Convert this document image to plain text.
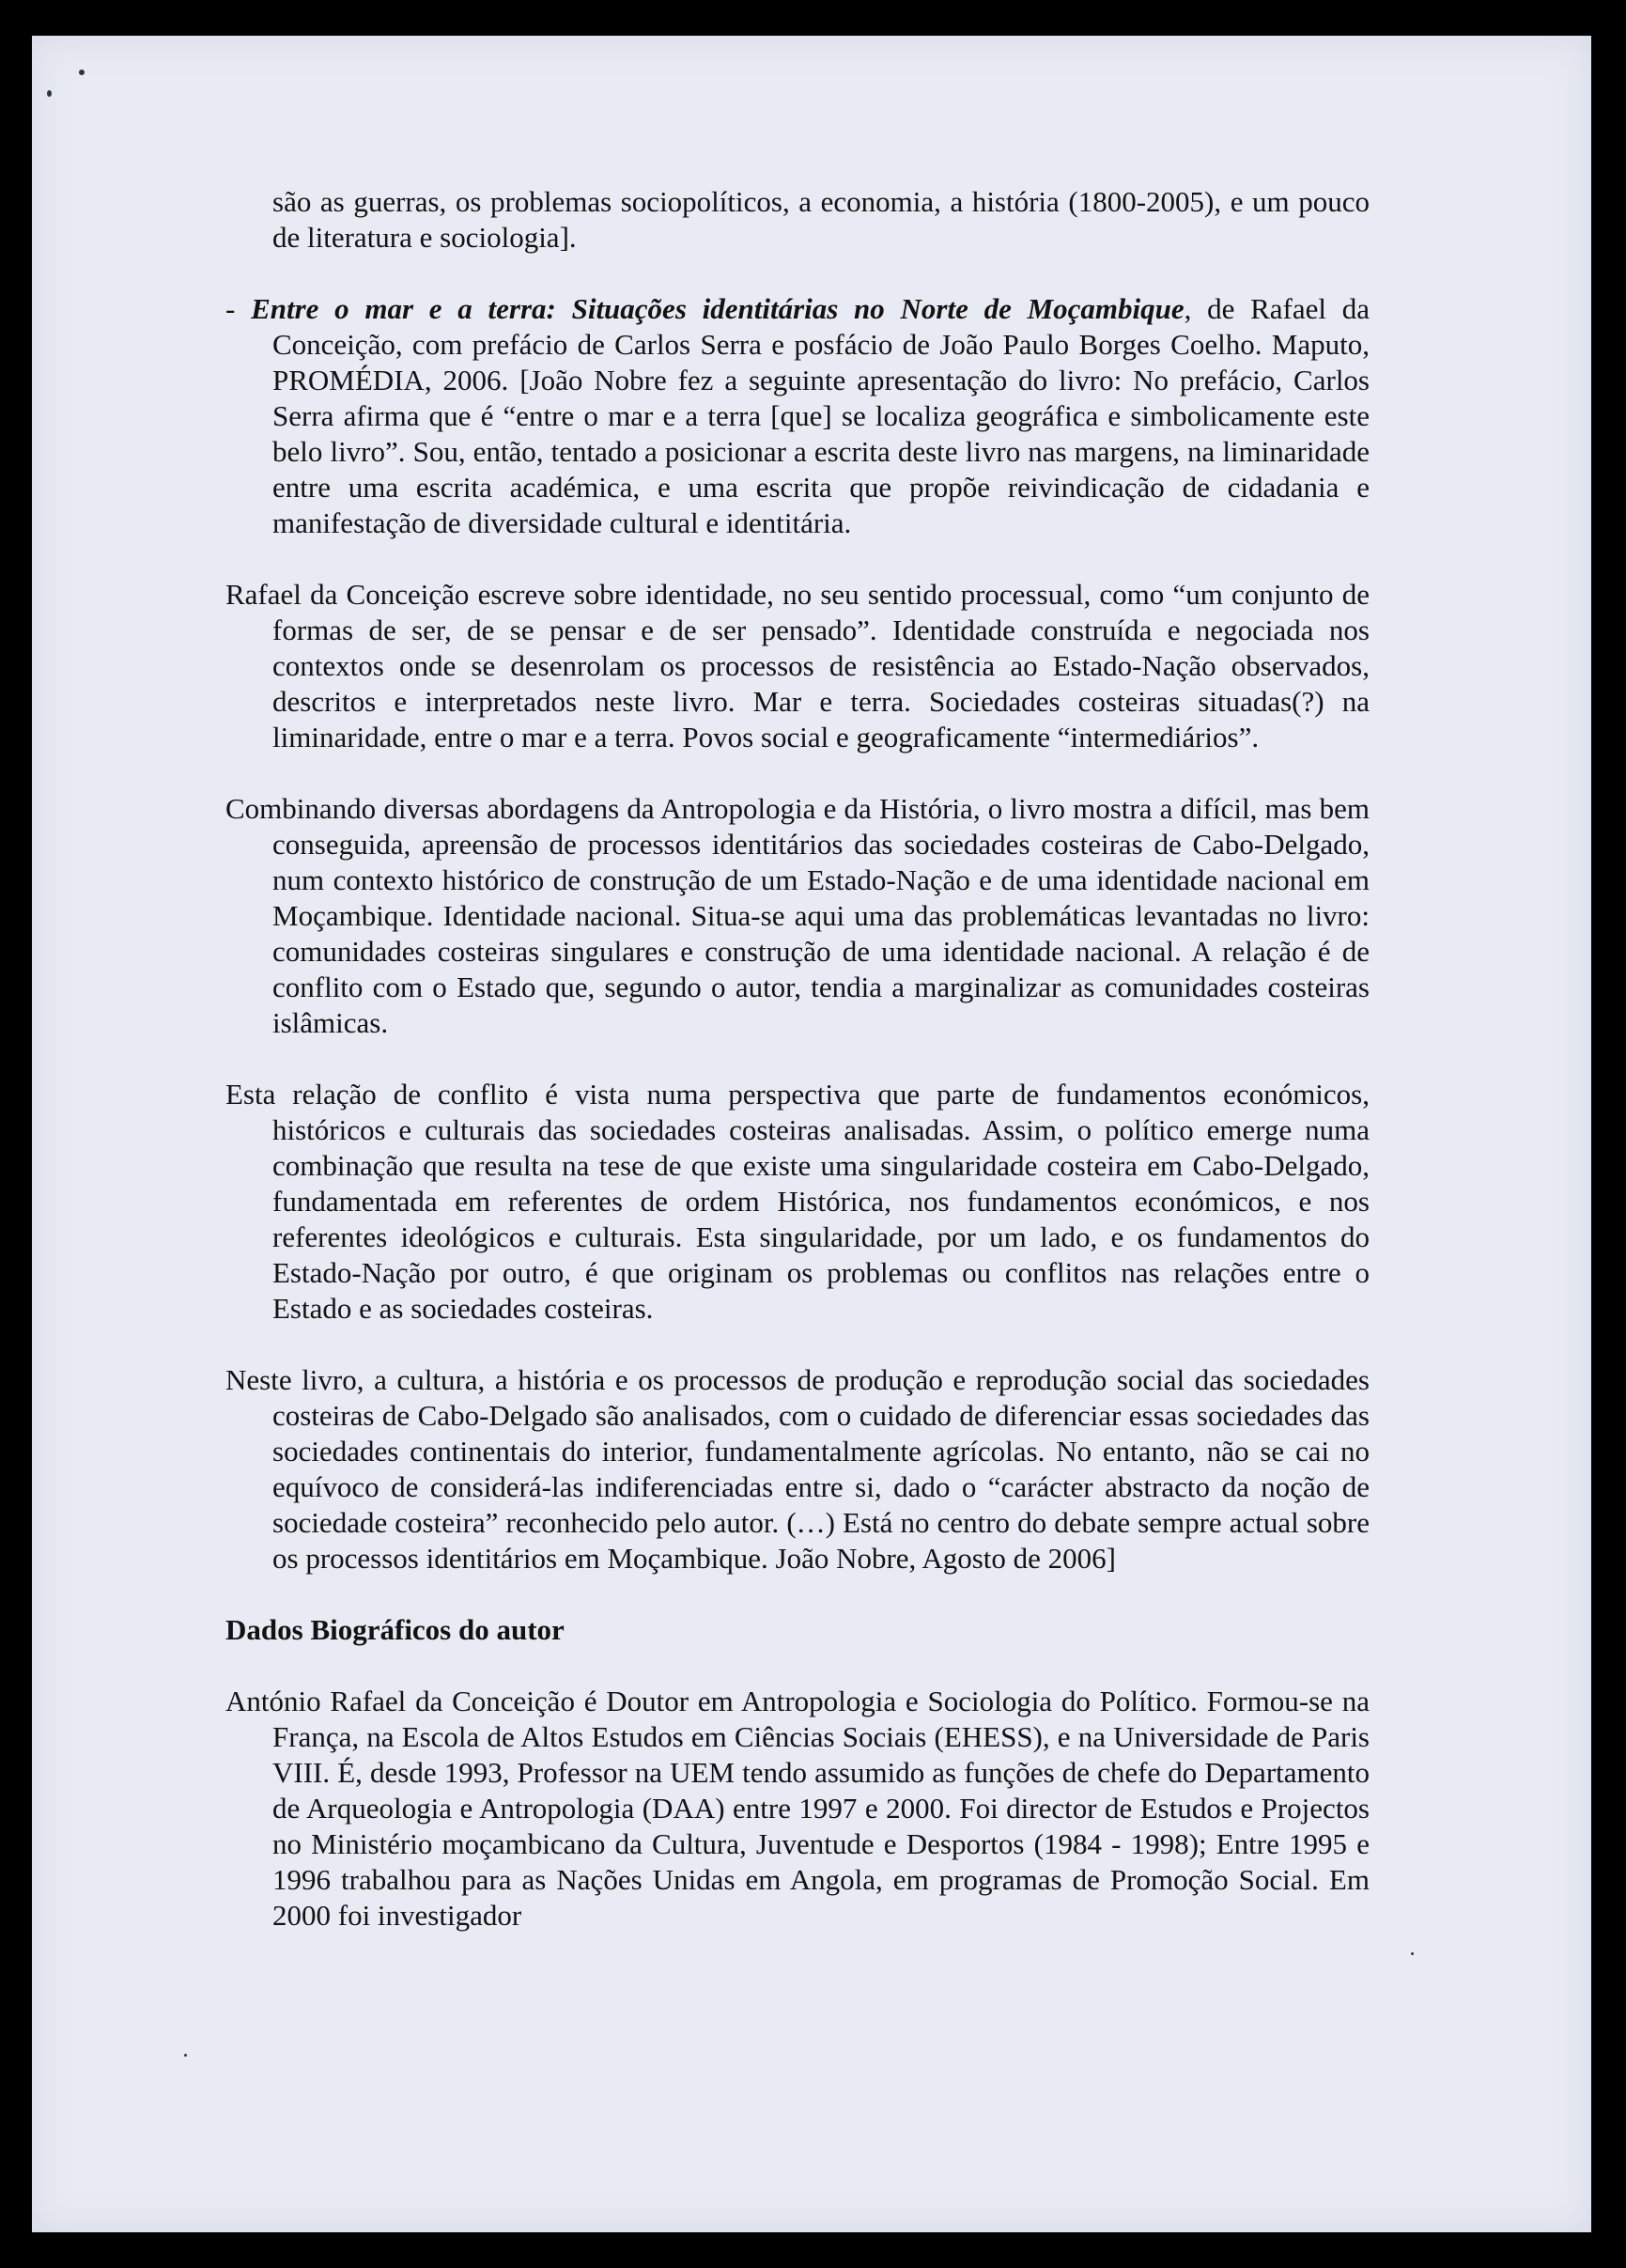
são as guerras, os problemas sociopolíticos, a economia, a história (1800-2005), e um pouco de literatura e sociologia].

- Entre o mar e a terra: Situações identitárias no Norte de Moçambique, de Rafael da Conceição, com prefácio de Carlos Serra e posfácio de João Paulo Borges Coelho. Maputo, PROMÉDIA, 2006. [João Nobre fez a seguinte apresentação do livro: No prefácio, Carlos Serra afirma que é “entre o mar e a terra [que] se localiza geográfica e simbolicamente este belo livro”. Sou, então, tentado a posicionar a escrita deste livro nas margens, na liminaridade entre uma escrita académica, e uma escrita que propõe reivindicação de cidadania e manifestação de diversidade cultural e identitária.

Rafael da Conceição escreve sobre identidade, no seu sentido processual, como “um conjunto de formas de ser, de se pensar e de ser pensado”. Identidade construída e negociada nos contextos onde se desenrolam os processos de resistência ao Estado-Nação observados, descritos e interpretados neste livro. Mar e terra. Sociedades costeiras situadas(?) na liminaridade, entre o mar e a terra. Povos social e geograficamente “intermediários”.

Combinando diversas abordagens da Antropologia e da História, o livro mostra a difícil, mas bem conseguida, apreensão de processos identitários das sociedades costeiras de Cabo-Delgado, num contexto histórico de construção de um Estado-Nação e de uma identidade nacional em Moçambique. Identidade nacional. Situa-se aqui uma das problemáticas levantadas no livro: comunidades costeiras singulares e construção de uma identidade nacional. A relação é de conflito com o Estado que, segundo o autor, tendia a marginalizar as comunidades costeiras islâmicas.

Esta relação de conflito é vista numa perspectiva que parte de fundamentos económicos, históricos e culturais das sociedades costeiras analisadas. Assim, o político emerge numa combinação que resulta na tese de que existe uma singularidade costeira em Cabo-Delgado, fundamentada em referentes de ordem Histórica, nos fundamentos económicos, e nos referentes ideológicos e culturais. Esta singularidade, por um lado, e os fundamentos do Estado-Nação por outro, é que originam os problemas ou conflitos nas relações entre o Estado e as sociedades costeiras.

Neste livro, a cultura, a história e os processos de produção e reprodução social das sociedades costeiras de Cabo-Delgado são analisados, com o cuidado de diferenciar essas sociedades das sociedades continentais do interior, fundamentalmente agrícolas. No entanto, não se cai no equívoco de considerá-las indiferenciadas entre si, dado o “carácter abstracto da noção de sociedade costeira” reconhecido pelo autor. (…) Está no centro do debate sempre actual sobre os processos identitários em Moçambique. João Nobre, Agosto de 2006]

Dados Biográficos do autor

António Rafael da Conceição é Doutor em Antropologia e Sociologia do Político. Formou-se na França, na Escola de Altos Estudos em Ciências Sociais (EHESS), e na Universidade de Paris VIII. É, desde 1993, Professor na UEM tendo assumido as funções de chefe do Departamento de Arqueologia e Antropologia (DAA) entre 1997 e 2000. Foi director de Estudos e Projectos no Ministério moçambicano da Cultura, Juventude e Desportos (1984 - 1998); Entre 1995 e 1996 trabalhou para as Nações Unidas em Angola, em programas de Promoção Social. Em 2000 foi investigador
